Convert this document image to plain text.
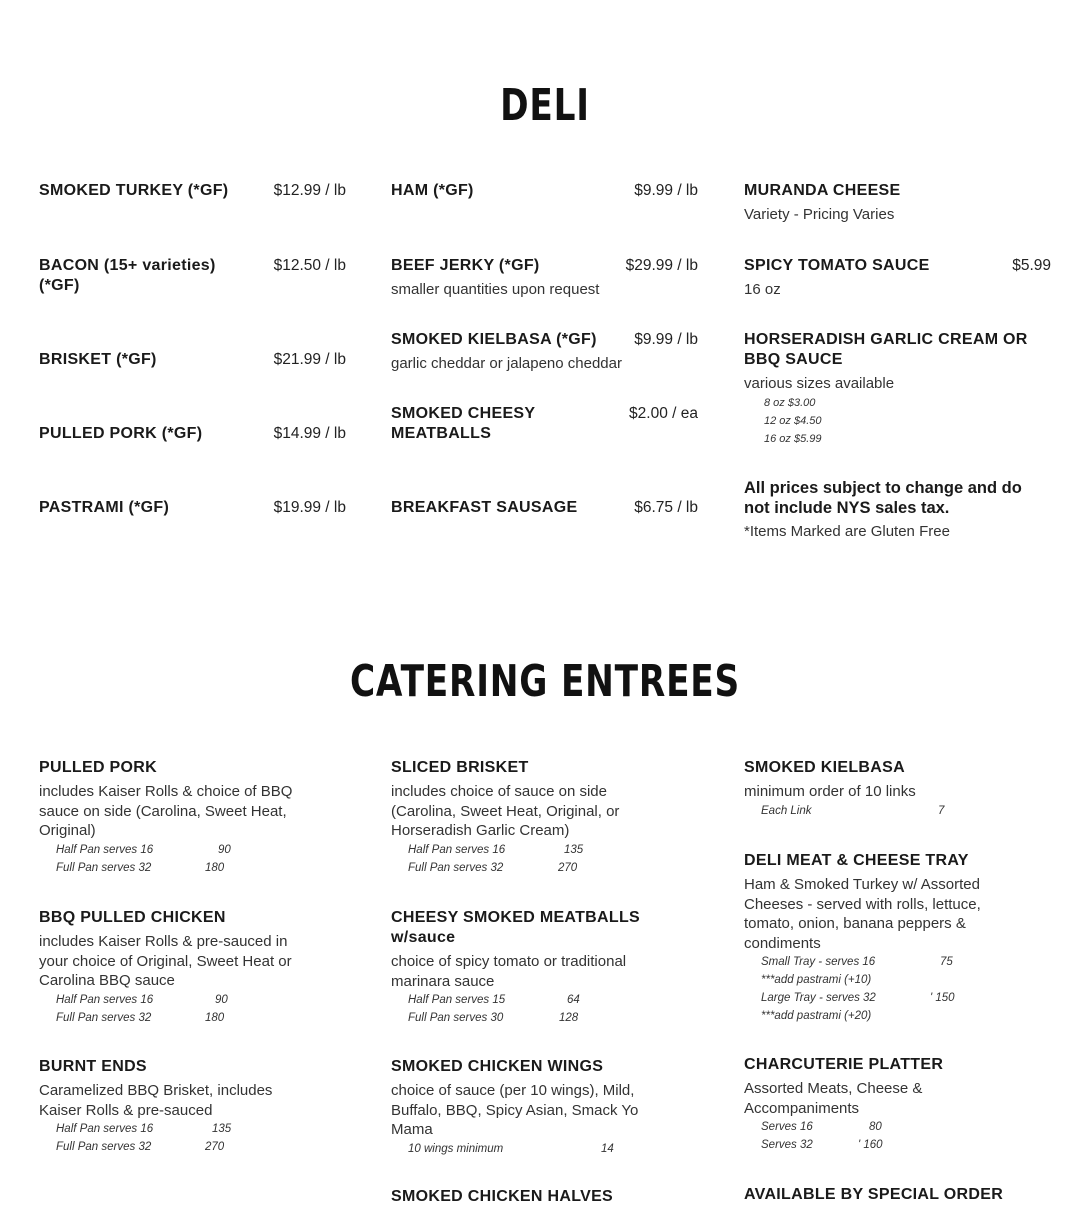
DELI
SMOKED TURKEY (*GF)	$12.99 / lb
BACON (15+ varieties) (*GF)
$12.50 / lb
BRISKET (*GF)	$21.99 / lb
PULLED PORK (*GF)	$14.99 / lb
PASTRAMI (*GF)	$19.99 / lb
HAM (*GF)	$9.99 / lb
BEEF JERKY (*GF)	$29.99 / lb
smaller quantities upon request
SMOKED KIELBASA (*GF) $9.99 / lb
garlic cheddar or jalapeno cheddar
SMOKED CHEESY MEATBALLS
$2.00 / ea
BREAKFAST SAUSAGE	$6.75 / lb
MURANDA CHEESE
Variety - Pricing Varies
SPICY TOMATO SAUCE	$5.99
16 oz
HORSERADISH GARLIC CREAM OR BBQ SAUCE
various sizes available
8 oz $3.00
12 oz $4.50
16 oz $5.99
All prices subject to change and do not include NYS sales tax.
*Items Marked are Gluten Free
CATERING ENTREES
PULLED PORK
includes Kaiser Rolls & choice of BBQ sauce on side (Carolina, Sweet Heat, Original)
Half Pan serves 16	90
Full Pan serves 32	180
BBQ PULLED CHICKEN
includes Kaiser Rolls & pre-sauced in your choice of Original, Sweet Heat or Carolina BBQ sauce
Half Pan serves 16	90
Full Pan serves 32	180
BURNT ENDS
Caramelized BBQ Brisket, includes Kaiser Rolls & pre-sauced
Half Pan serves 16	135
Full Pan serves 32	270
SLICED BRISKET
includes choice of sauce on side (Carolina, Sweet Heat, Original, or Horseradish Garlic Cream)
Half Pan serves 16	135
Full Pan serves 32	270
CHEESY SMOKED MEATBALLS w/sauce
choice of spicy tomato or traditional marinara sauce
Half Pan serves 15	64
Full Pan serves 30	128
SMOKED CHICKEN WINGS
choice of sauce (per 10 wings), Mild, Buffalo, BBQ, Spicy Asian, Smack Yo Mama
10 wings minimum	14
SMOKED CHICKEN HALVES
SMOKED KIELBASA
minimum order of 10 links
Each Link	7
DELI MEAT & CHEESE TRAY
Ham & Smoked Turkey w/ Assorted Cheeses - served with rolls, lettuce, tomato, onion, banana peppers & condiments
Small Tray - serves 16	75
***add pastrami (+10)
Large Tray - serves 32	' 150
***add pastrami (+20)
CHARCUTERIE PLATTER
Assorted Meats, Cheese & Accompaniments
Serves 16	80
Serves 32	' 160
AVAILABLE BY SPECIAL ORDER
